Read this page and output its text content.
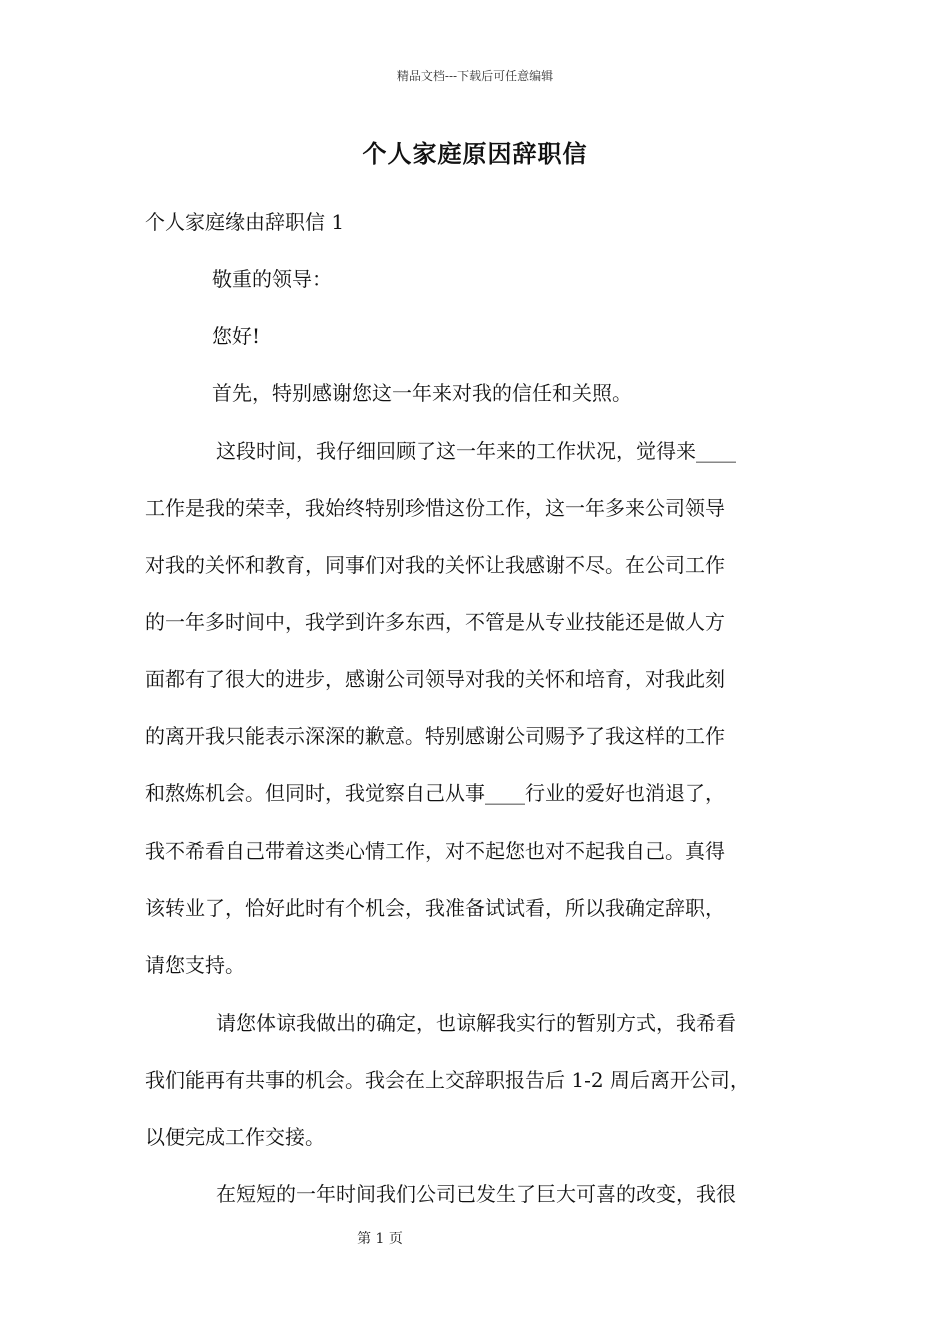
精品文档---下载后可任意编辑
个人家庭原因辞职信
个人家庭缘由辞职信 1
敬重的领导：
您好!
首先，特别感谢您这一年来对我的信任和关照。
这段时间，我仔细回顾了这一年来的工作状况，觉得来____
工作是我的荣幸，我始终特别珍惜这份工作，这一年多来公司领导
对我的关怀和教育，同事们对我的关怀让我感谢不尽。在公司工作
的一年多时间中，我学到许多东西，不管是从专业技能还是做人方
面都有了很大的进步，感谢公司领导对我的关怀和培育，对我此刻
的离开我只能表示深深的歉意。特别感谢公司赐予了我这样的工作
和熬炼机会。但同时，我觉察自己从事____行业的爱好也消退了，
我不希看自己带着这类心情工作，对不起您也对不起我自己。真得
该转业了，恰好此时有个机会，我准备试试看，所以我确定辞职，
请您支持。
请您体谅我做出的确定，也谅解我实行的暂别方式，我希看
我们能再有共事的机会。我会在上交辞职报告后 1-2 周后离开公司，
以便完成工作交接。
在短短的一年时间我们公司已发生了巨大可喜的改变，我很
第 1 页
